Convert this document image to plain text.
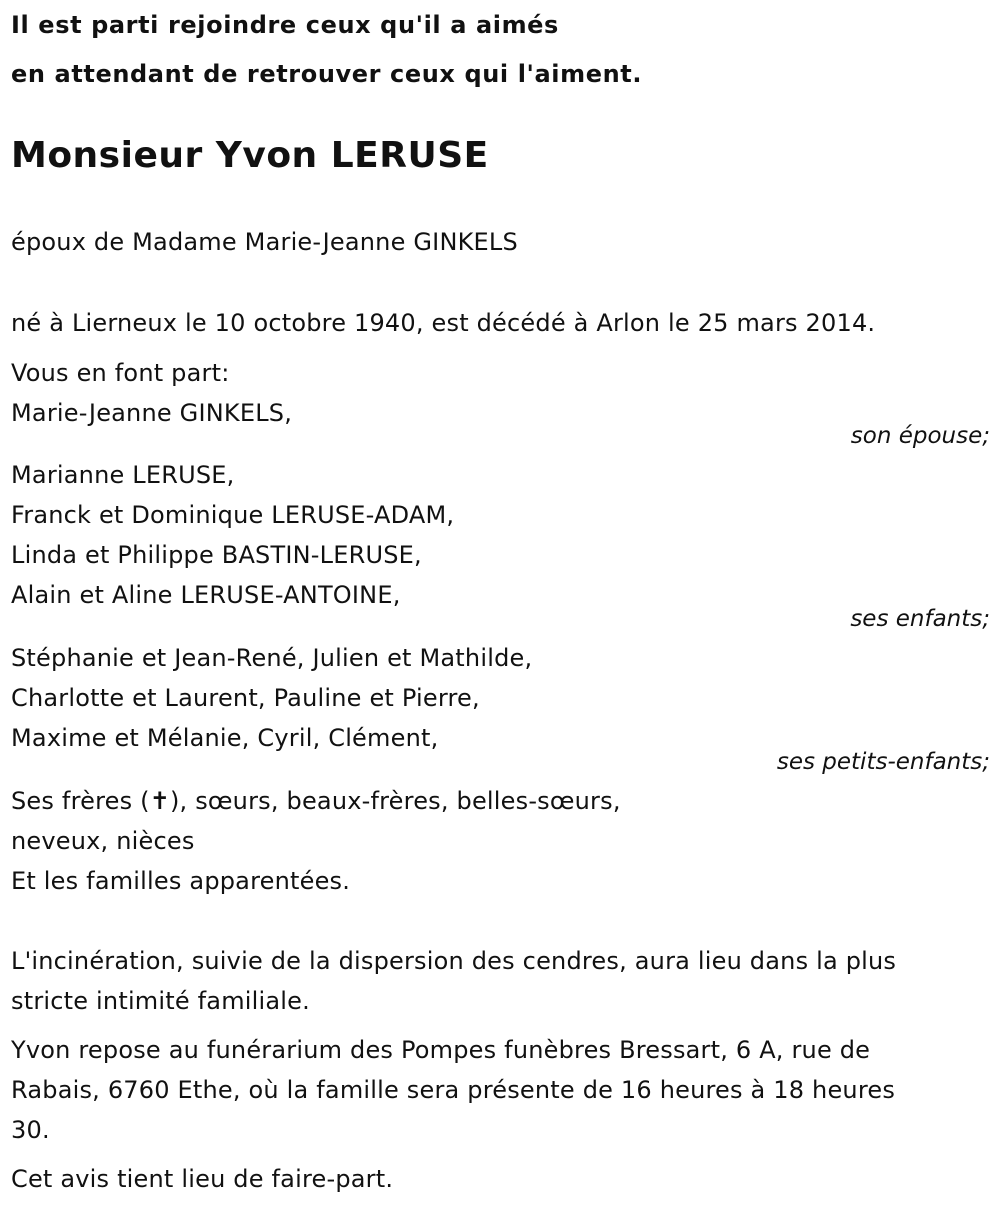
Il est parti rejoindre ceux qu'il a aimés

en attendant de retrouver ceux qui l'aiment.

Monsieur Yvon LERUSE

époux de Madame Marie-Jeanne GINKELS

né à Lierneux le 10 octobre 1940, est décédé à Arlon le 25 mars 2014.

Vous en font part:

Marie-Jeanne GINKELS,

son épouse;

Marianne LERUSE,

Franck et Dominique LERUSE-ADAM,

Linda et Philippe BASTIN-LERUSE,

Alain et Aline LERUSE-ANTOINE,

ses enfants;

Stéphanie et Jean-René, Julien et Mathilde,

Charlotte et Laurent, Pauline et Pierre,

Maxime et Mélanie, Cyril, Clément,

ses petits-enfants;

Ses frères (✝), sœurs, beaux-frères, belles-sœurs,

neveux, nièces

Et les familles apparentées.

L'incinération, suivie de la dispersion des cendres, aura lieu dans la plus

stricte intimité familiale.

Yvon repose au funérarium des Pompes funèbres Bressart, 6 A, rue de

Rabais, 6760 Ethe, où la famille sera présente de 16 heures à 18 heures

30.

Cet avis tient lieu de faire-part.
